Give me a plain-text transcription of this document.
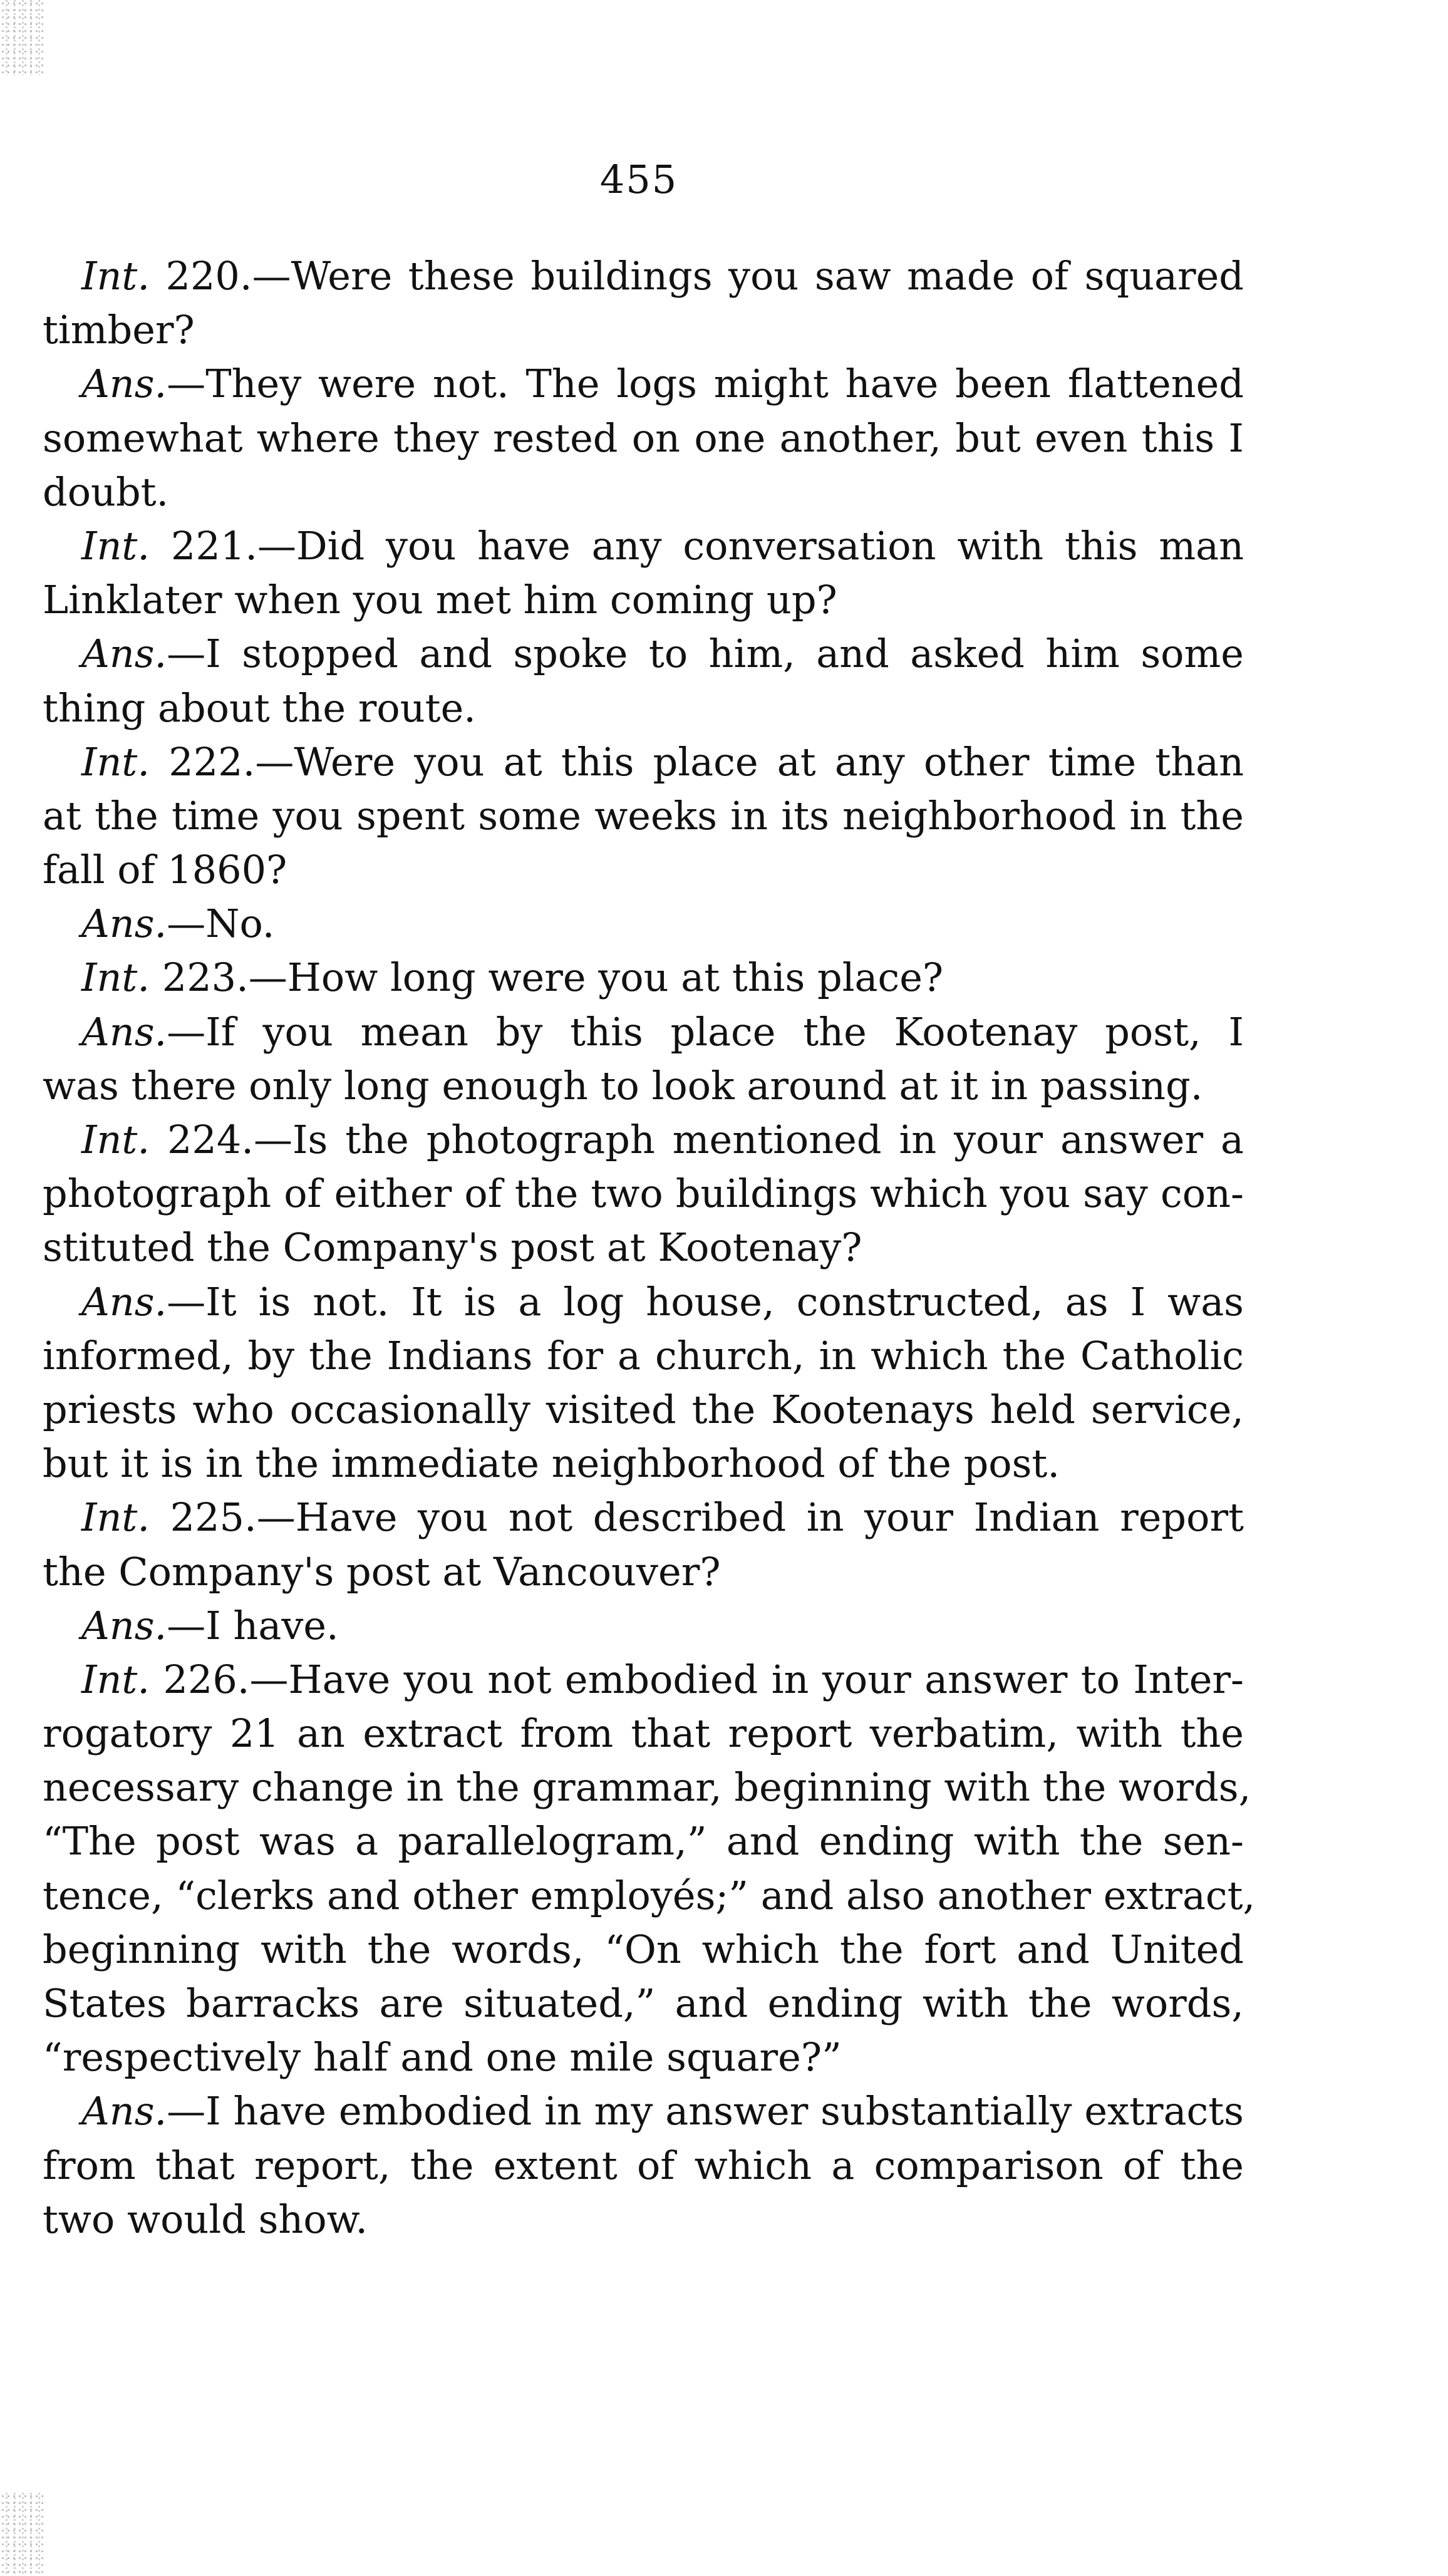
455
Int. 220.—Were these buildings you saw made of squared
timber?
Ans.—They were not. The logs might have been flattened
somewhat where they rested on one another, but even this I
doubt.
Int. 221.—Did you have any conversation with this man
Linklater when you met him coming up?
Ans.—I stopped and spoke to him, and asked him some
thing about the route.
Int. 222.—Were you at this place at any other time than
at the time you spent some weeks in its neighborhood in the
fall of 1860?
Ans.—No.
Int. 223.—How long were you at this place?
Ans.—If you mean by this place the Kootenay post, I
was there only long enough to look around at it in passing.
Int. 224.—Is the photograph mentioned in your answer a
photograph of either of the two buildings which you say con-
stituted the Company's post at Kootenay?
Ans.—It is not. It is a log house, constructed, as I was
informed, by the Indians for a church, in which the Catholic
priests who occasionally visited the Kootenays held service,
but it is in the immediate neighborhood of the post.
Int. 225.—Have you not described in your Indian report
the Company's post at Vancouver?
Ans.—I have.
Int. 226.—Have you not embodied in your answer to Inter-
rogatory 21 an extract from that report verbatim, with the
necessary change in the grammar, beginning with the words,
“The post was a parallelogram,” and ending with the sen-
tence, “clerks and other employés;” and also another extract,
beginning with the words, “On which the fort and United
States barracks are situated,” and ending with the words,
“respectively half and one mile square?”
Ans.—I have embodied in my answer substantially extracts
from that report, the extent of which a comparison of the
two would show.
